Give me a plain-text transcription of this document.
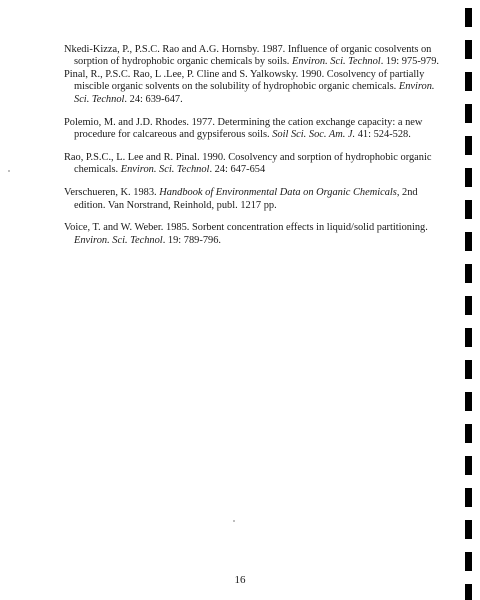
Nkedi-Kizza, P., P.S.C. Rao and A.G. Hornsby. 1987. Influence of organic cosolvents on sorption of hydrophobic organic chemicals by soils. Environ. Sci. Technol. 19: 975-979.

Pinal, R., P.S.C. Rao, L .Lee, P. Cline and S. Yalkowsky. 1990. Cosolvency of partially miscible organic solvents on the solubility of hydrophobic organic chemicals. Environ. Sci. Technol. 24: 639-647.

Polemio, M. and J.D. Rhodes. 1977. Determining the cation exchange capacity: a new procedure for calcareous and gypsiferous soils. Soil Sci. Soc. Am. J. 41: 524-528.

Rao, P.S.C., L. Lee and R. Pinal. 1990. Cosolvency and sorption of hydrophobic organic chemicals. Environ. Sci. Technol. 24: 647-654

Verschueren, K. 1983. Handbook of Environmental Data on Organic Chemicals, 2nd edition. Van Norstrand, Reinhold, publ. 1217 pp.

Voice, T. and W. Weber. 1985. Sorbent concentration effects in liquid/solid partitioning. Environ. Sci. Technol. 19: 789-796.

16
